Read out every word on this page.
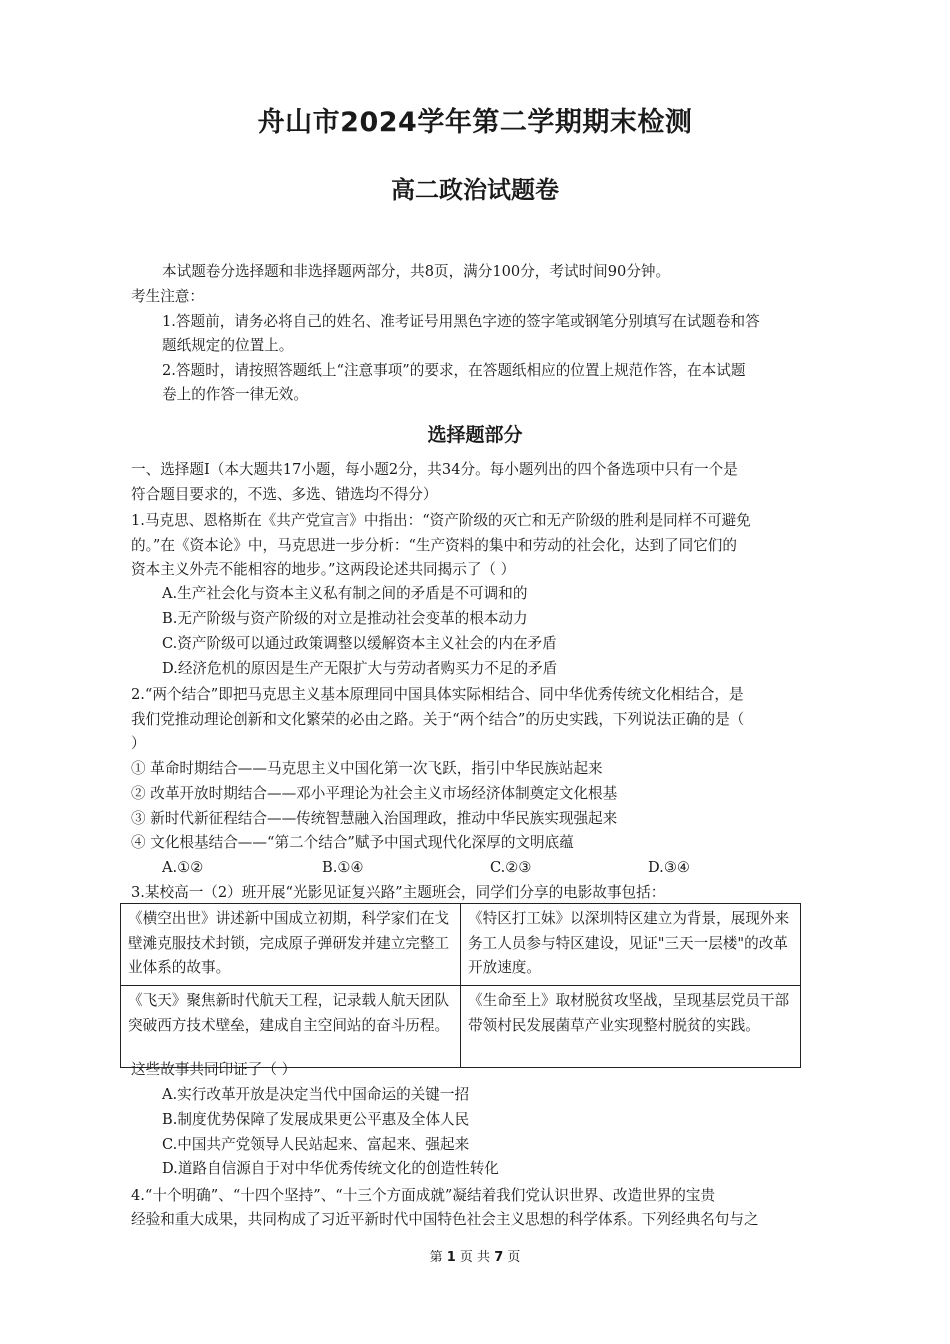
舟山市2024学年第二学期期末检测
高二政治试题卷
本试题卷分选择题和非选择题两部分，共8页，满分100分，考试时间90分钟。
考生注意：
1.答题前，请务必将自己的姓名、准考证号用黑色字迹的签字笔或钢笔分别填写在试题卷和答
题纸规定的位置上。
2.答题时，请按照答题纸上“注意事项”的要求，在答题纸相应的位置上规范作答，在本试题
卷上的作答一律无效。
选择题部分
一、选择题Ⅰ（本大题共17小题，每小题2分，共34分。每小题列出的四个备选项中只有一个是
符合题目要求的，不选、多选、错选均不得分）
1.马克思、恩格斯在《共产党宣言》中指出：“资产阶级的灭亡和无产阶级的胜利是同样不可避免
的。”在《资本论》中，马克思进一步分析：“生产资料的集中和劳动的社会化，达到了同它们的
资本主义外壳不能相容的地步。”这两段论述共同揭示了（ ）
A.生产社会化与资本主义私有制之间的矛盾是不可调和的
B.无产阶级与资产阶级的对立是推动社会变革的根本动力
C.资产阶级可以通过政策调整以缓解资本主义社会的内在矛盾
D.经济危机的原因是生产无限扩大与劳动者购买力不足的矛盾
2.“两个结合”即把马克思主义基本原理同中国具体实际相结合、同中华优秀传统文化相结合，是
我们党推动理论创新和文化繁荣的必由之路。关于“两个结合”的历史实践，下列说法正确的是（
）
① 革命时期结合——马克思主义中国化第一次飞跃，指引中华民族站起来
② 改革开放时期结合——邓小平理论为社会主义市场经济体制奠定文化根基
③ 新时代新征程结合——传统智慧融入治国理政，推动中华民族实现强起来
④ 文化根基结合——“第二个结合”赋予中国式现代化深厚的文明底蕴
A.①②	B.①④	C.②③	D.③④
3.某校高一（2）班开展“光影见证复兴路”主题班会，同学们分享的电影故事包括：
《横空出世》讲述新中国成立初期，科学家们在戈壁滩克服技术封锁，完成原子弹研发并建立完整工业体系的故事。	《特区打工妹》以深圳特区建立为背景，展现外来务工人员参与特区建设，见证"三天一层楼"的改革开放速度。
《飞天》聚焦新时代航天工程，记录载人航天团队突破西方技术壁垒，建成自主空间站的奋斗历程。	《生命至上》取材脱贫攻坚战，呈现基层党员干部带领村民发展菌草产业实现整村脱贫的实践。
这些故事共同印证了（ ）
A.实行改革开放是决定当代中国命运的关键一招
B.制度优势保障了发展成果更公平惠及全体人民
C.中国共产党领导人民站起来、富起来、强起来
D.道路自信源自于对中华优秀传统文化的创造性转化
4.“十个明确”、“十四个坚持”、“十三个方面成就”凝结着我们党认识世界、改造世界的宝贵
经验和重大成果，共同构成了习近平新时代中国特色社会主义思想的科学体系。下列经典名句与之
第 1 页 共 7 页
